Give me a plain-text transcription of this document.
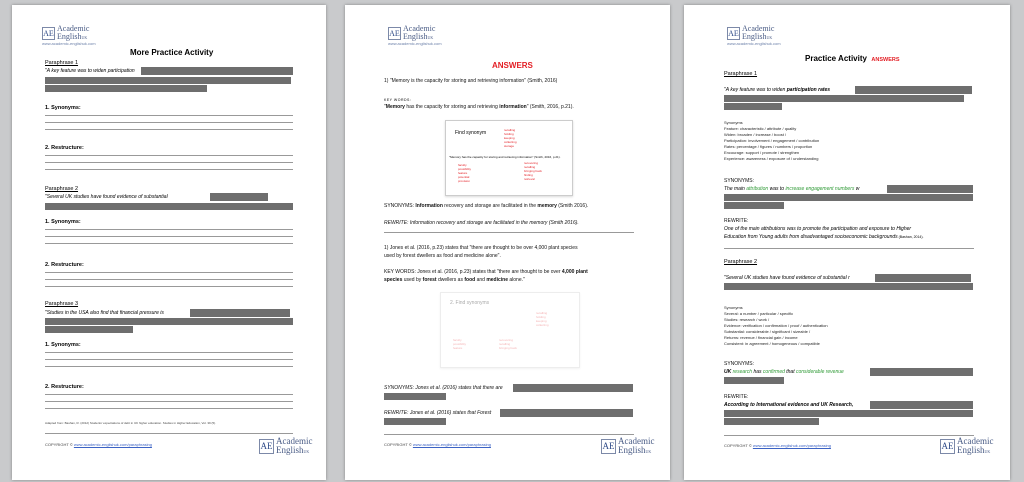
AE
Academic
EnglishUK
www.academic-englishuk.com
More Practice Activity
Paraphrase 1
"A key feature was to widen participation
1. Synonyms:
2. Restructure:
Paraphrase 2
"Several UK studies have found evidence of substantial
1. Synonyms:
2. Restructure:
Paraphrase 3
"Studies in the USA also find that financial pressure is
1. Synonyms:
2. Restructure:
Adapted from: Bashan, R. (2012) Students' expectations of debt in UK higher education. Studies in Higher Education, Vol. 39 (5).
COPYRIGHT © www.academic-englishuk.com/paraphrasing	AE Academic
EnglishUK
AE
Academic
EnglishUK
www.academic-englishuk.com
ANSWERS
1) "Memory is the capacity for storing and retrieving information" (Smith, 2016)
KEY WORDS:
"Memory has the capacity for storing and retrieving information" (Smith, 2016, p.21).
Find synonym	recalling
holding
keeping
collecting
storage
"Memory has the capacity for storing and retrieving information" (Smith, 2016, p.21).
faculty
possibility
feature
potential
provision
recovering
recalling
bringing back
finding
retrieval
SYNONYMS: Information recovery and storage are facilitated in the memory (Smith 2016).
REWRITE: Information recovery and storage are facilitated in the memory (Smith 2016).
1) Jones et al. (2016, p.23) states that "there are thought to be over 4,000 plant species
used by forest dwellers as food and medicine alone".
KEY WORDS: Jones et al. (2016, p.23) states that "there are thought to be over 4,000 plant
species used by forest dwellers as food and medicine alone."
2. Find synonyms
recalling
holding
keeping
collecting
faculty
possibility
feature
recovering
recalling
bringing back
SYNONYMS: Jones et al. (2016) states that there are
REWRITE: Jones et al. (2016) states that Forest
COPYRIGHT © www.academic-englishuk.com/paraphrasing	AE Academic
EnglishUK
AE
Academic
EnglishUK
www.academic-englishuk.com
Practice Activity ANSWERS
Paraphrase 1
"A key feature was to widen participation rates
Synonyms
Feature: characteristic / attribute / quality
Widen: broaden / increase / boost /
Participation: involvement / engagement / contribution
Rates: percentage / figures / numbers / proportion
Encourage: support / promote / strengthen
Experience: awareness / exposure of / understanding
SYNONYMS:
The main attribution was to increase engagement numbers w
REWRITE:
One of the main attributions was to promote the participation and exposure to Higher
Education from Young adults from disadvantaged socioeconomic backgrounds (Bashan, 2014).
Paraphrase 2
"Several UK studies have found evidence of substantial r
Synonyms
Several: a number / particular / specific
Studies: research / work /
Evidence: verification / confirmation / proof / authentication
Substantial: considerable / significant / sizeable /
Returns: revenue / financial gain / income
Consistent: in agreement / homogeneous / compatible
SYNONYMS:
UK research has confirmed that considerable revenue
REWRITE:
According to International evidence and UK Research,
COPYRIGHT © www.academic-englishuk.com/paraphrasing	AE Academic
EnglishUK
